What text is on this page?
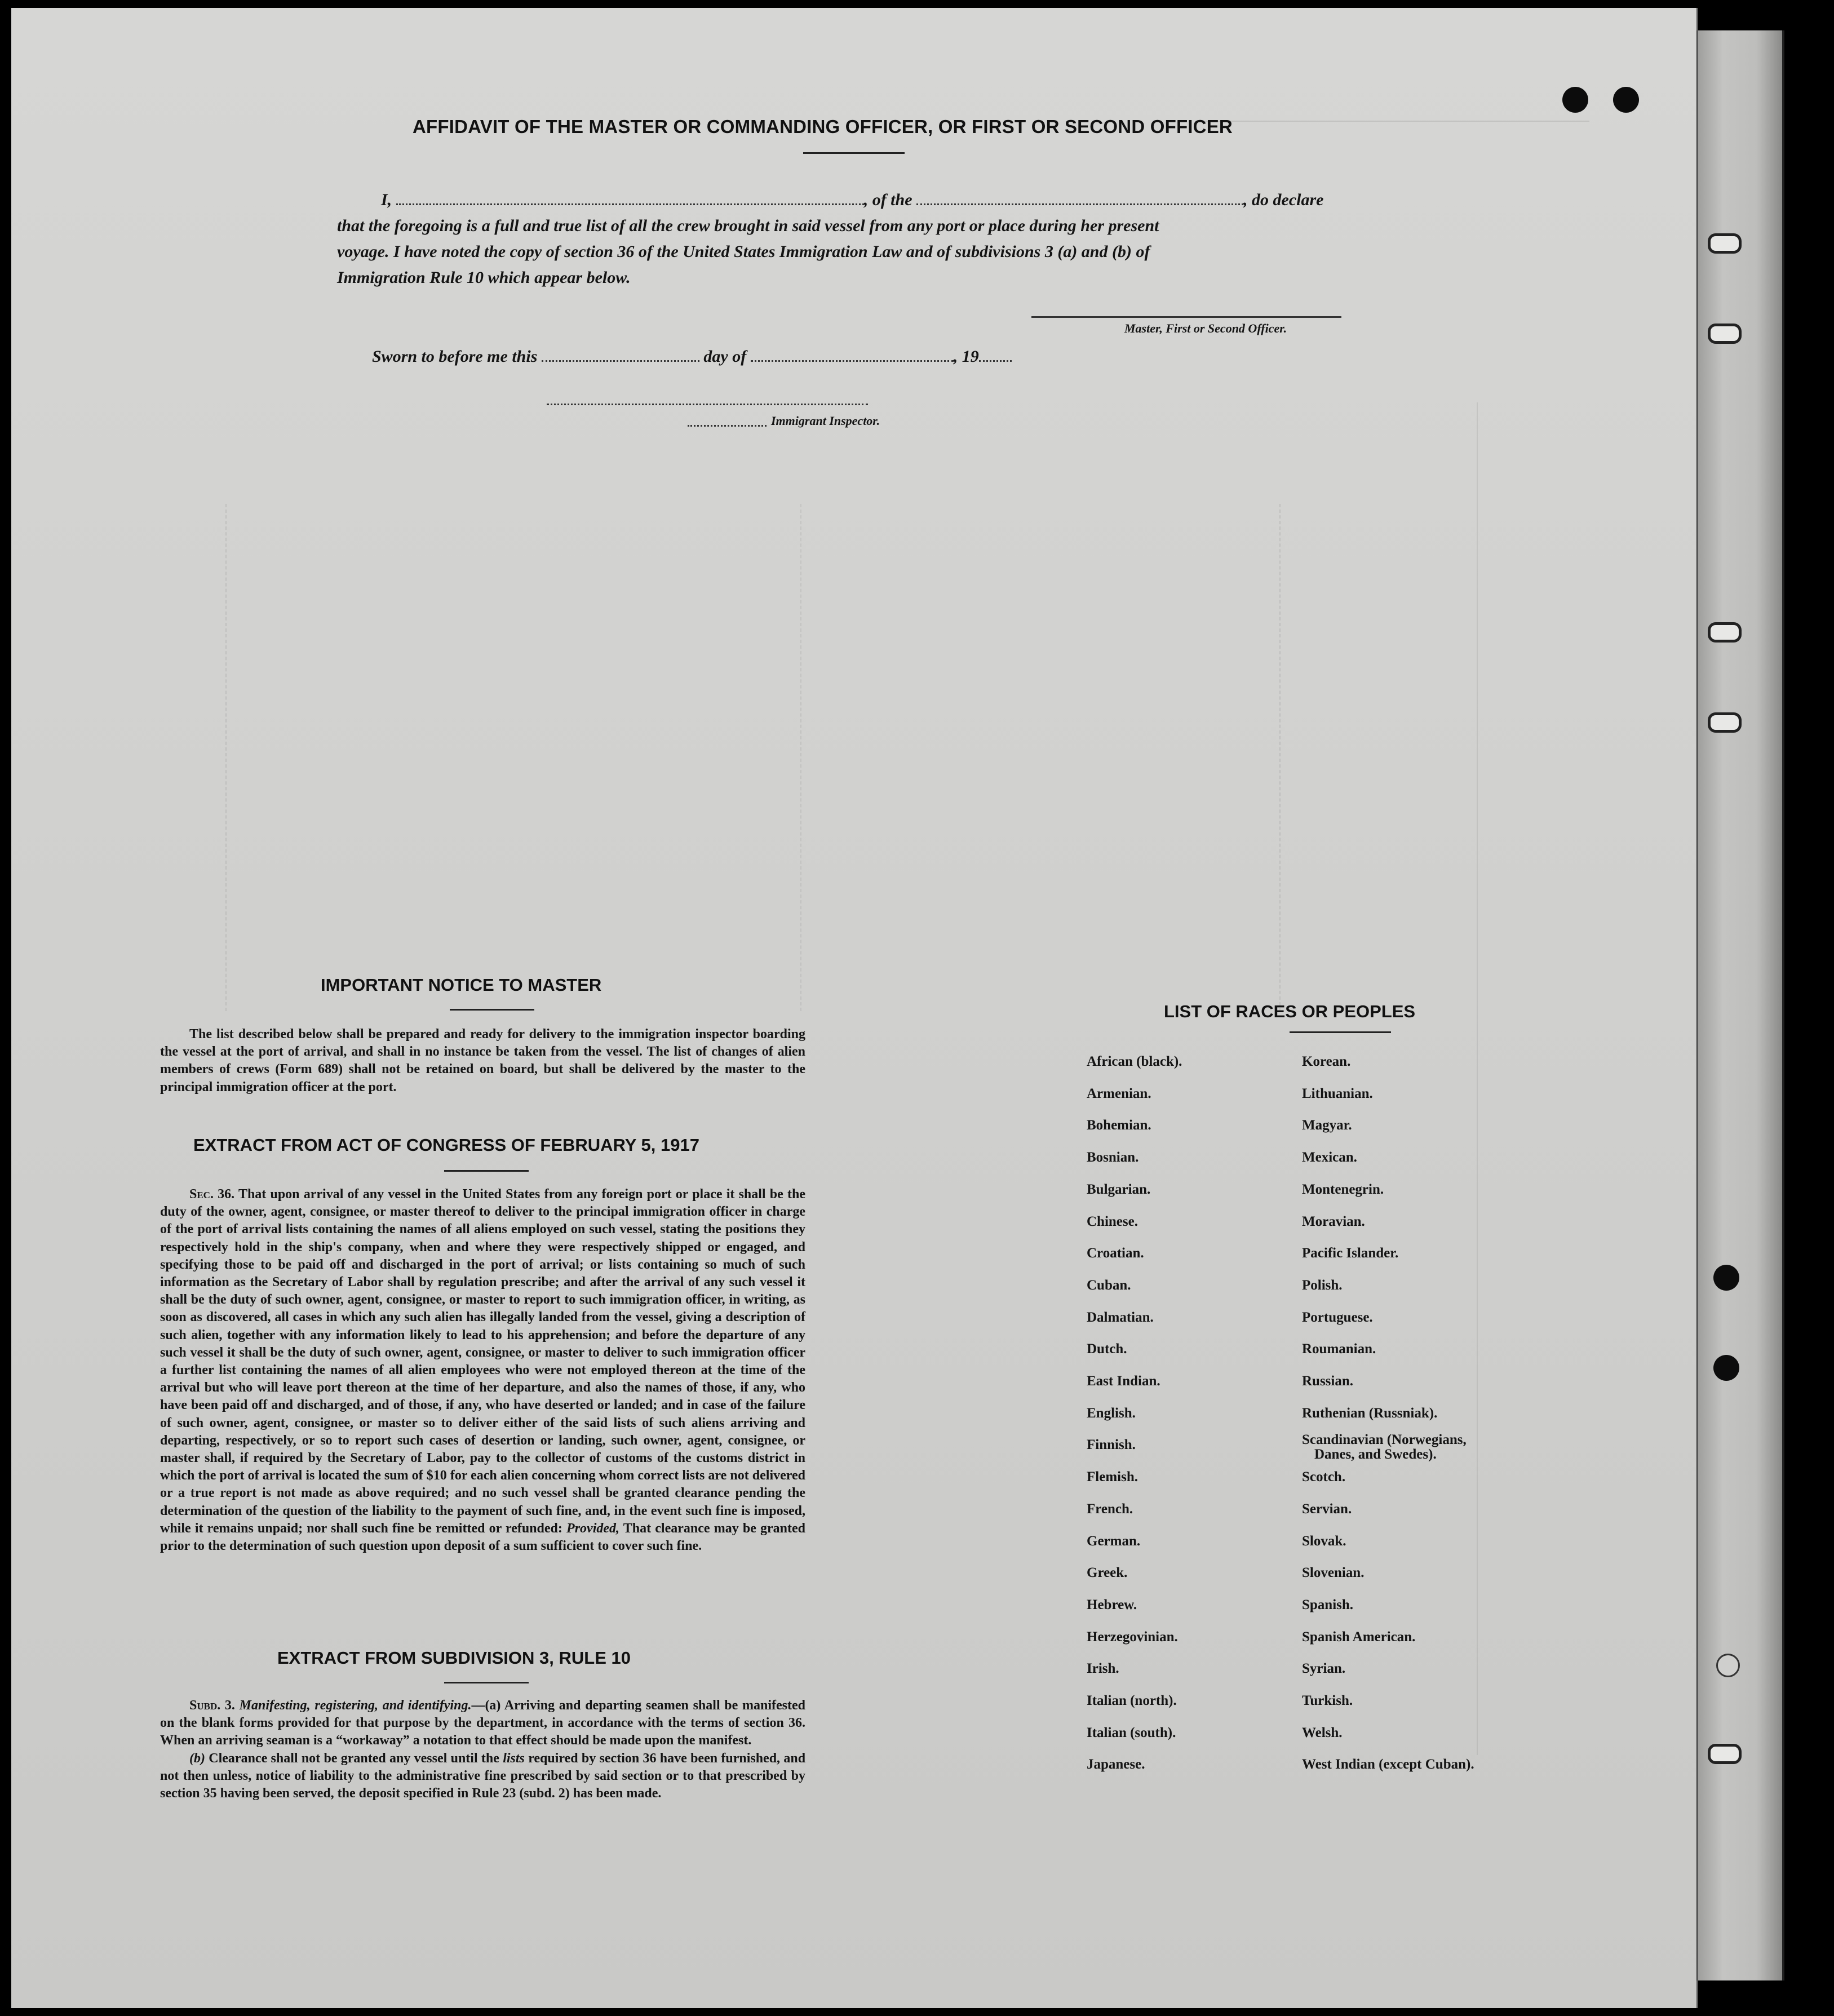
AFFIDAVIT OF THE MASTER OR COMMANDING OFFICER, OR FIRST OR SECOND OFFICER
I,	, of the	, do declare
that the foregoing is a full and true list of all the crew brought in said vessel from any port or place during her present
voyage. I have noted the copy of section 36 of the United States Immigration Law and of subdivisions 3 (a) and (b) of
Immigration Rule 10 which appear below.
Master, First or Second Officer.
Sworn to before me this	day of	, 19
Immigrant Inspector.
IMPORTANT NOTICE TO MASTER

The list described below shall be prepared and ready for delivery to the immigration inspector boarding the vessel at the port of arrival, and shall in no instance be taken from the vessel. The list of changes of alien members of crews (Form 689) shall not be retained on board, but shall be delivered by the master to the principal immigration officer at the port.

EXTRACT FROM ACT OF CONGRESS OF FEBRUARY 5, 1917

Sec. 36. That upon arrival of any vessel in the United States from any foreign port or place it shall be the duty of the owner, agent, consignee, or master thereof to deliver to the principal immigration officer in charge of the port of arrival lists containing the names of all aliens employed on such vessel, stating the positions they respectively hold in the ship's company, when and where they were respectively shipped or engaged, and specifying those to be paid off and discharged in the port of arrival; or lists containing so much of such information as the Secretary of Labor shall by regulation prescribe; and after the arrival of any such vessel it shall be the duty of such owner, agent, consignee, or master to report to such immigration officer, in writing, as soon as discovered, all cases in which any such alien has illegally landed from the vessel, giving a description of such alien, together with any information likely to lead to his apprehension; and before the departure of any such vessel it shall be the duty of such owner, agent, consignee, or master to deliver to such immigration officer a further list containing the names of all alien employees who were not employed thereon at the time of the arrival but who will leave port thereon at the time of her departure, and also the names of those, if any, who have been paid off and discharged, and of those, if any, who have deserted or landed; and in case of the failure of such owner, agent, consignee, or master so to deliver either of the said lists of such aliens arriving and departing, respectively, or so to report such cases of desertion or landing, such owner, agent, consignee, or master shall, if required by the Secretary of Labor, pay to the collector of customs of the customs district in which the port of arrival is located the sum of $10 for each alien concerning whom correct lists are not delivered or a true report is not made as above required; and no such vessel shall be granted clearance pending the determination of the question of the liability to the payment of such fine, and, in the event such fine is imposed, while it remains unpaid; nor shall such fine be remitted or refunded: Provided, That clearance may be granted prior to the determination of such question upon deposit of a sum sufficient to cover such fine.

EXTRACT FROM SUBDIVISION 3, RULE 10

Subd. 3. Manifesting, registering, and identifying.—(a) Arriving and departing seamen shall be manifested on the blank forms provided for that purpose by the department, in accordance with the terms of section 36. When an arriving seaman is a “workaway” a notation to that effect should be made upon the manifest.

(b) Clearance shall not be granted any vessel until the lists required by section 36 have been furnished, and not then unless, notice of liability to the administrative fine prescribed by said section or to that prescribed by section 35 having been served, the deposit specified in Rule 23 (subd. 2) has been made.

LIST OF RACES OR PEOPLES
African (black).
Armenian.
Bohemian.
Bosnian.
Bulgarian.
Chinese.
Croatian.
Cuban.
Dalmatian.
Dutch.
East Indian.
English.
Finnish.
Flemish.
French.
German.
Greek.
Hebrew.
Herzegovinian.
Irish.
Italian (north).
Italian (south).
Japanese.
Korean.
Lithuanian.
Magyar.
Mexican.
Montenegrin.
Moravian.
Pacific Islander.
Polish.
Portuguese.
Roumanian.
Russian.
Ruthenian (Russniak).
Scandinavian (Norwegians,
Danes, and Swedes).
Scotch.
Servian.
Slovak.
Slovenian.
Spanish.
Spanish American.
Syrian.
Turkish.
Welsh.
West Indian (except Cuban).
